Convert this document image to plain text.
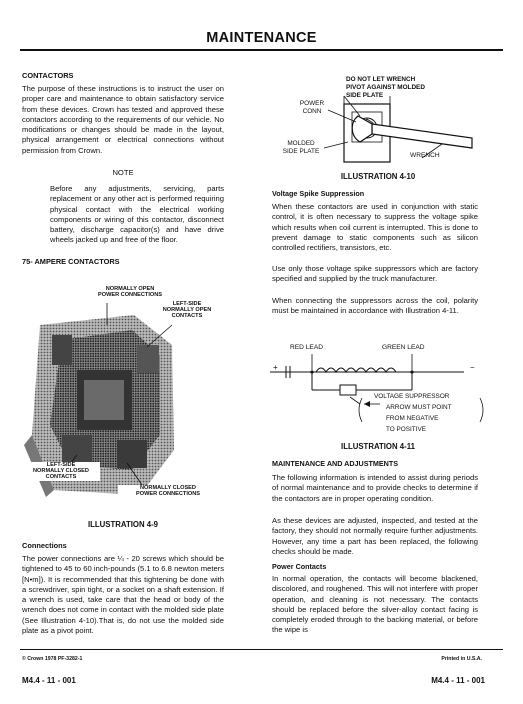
MAINTENANCE
CONTACTORS
The purpose of these instructions is to instruct the user on proper care and maintenance to obtain satisfactory service from these devices. Crown has tested and approved these contactors according to the requirements of our vehicle. No modifications or changes should be made in the layout, physical arrangement or electrical connections without permission from Crown.
NOTE
Before any adjustments, servicing, parts replacement or any other act is performed requiring physical contact with the electrical working components or wiring of this contactor, disconnect battery, discharge capacitor(s) and have drive wheels jacked up and free of the floor.
75- AMPERE CONTACTORS
NORMALLY OPEN
POWER CONNECTIONS
LEFT-SIDE
NORMALLY OPEN
CONTACTS
LEFT-SIDE
NORMALLY CLOSED
CONTACTS
NORMALLY CLOSED
POWER CONNECTIONS
ILLUSTRATION 4-9
Connections
The power connections are ¼ - 20 screws which should be tightened to 45 to 60 inch-pounds (5.1 to 6.8 newton meters [N•m]). It is recommended that this tightening be done with a screwdriver, spin tight, or a socket on a shaft extension. If a wrench is used, take care that the head or body of the wrench does not come in contact with the molded side plate (See Illustration 4-10).That is, do not use the molded side plate as a pivot point.
DO NOT LET WRENCH
PIVOT AGAINST MOLDED
SIDE PLATE
POWER
CONN
MOLDED
SIDE PLATE
WRENCH
ILLUSTRATION 4-10
Voltage Spike Suppression
When these contactors are used in conjunction with static control, it is often necessary to suppress the voltage spike which results when coil current is interrupted. This is done to prevent damage to static components such as silicon controlled rectifiers, transistors, etc.
Use only those voltage spike suppressors which are factory specified and supplied by the truck manufacturer.
When connecting the suppressors across the coil, polarity must be maintained in accordance with Illustration 4-11.
RED LEAD	GREEN LEAD
+	−
VOLTAGE SUPPRESSOR
ARROW MUST POINT
FROM NEGATIVE
TO POSITIVE
ILLUSTRATION 4-11
MAINTENANCE AND ADJUSTMENTS
The following information is intended to assist during periods of normal maintenance and to provide checks to determine if the contactors are in proper operating condition.
As these devices are adjusted, inspected, and tested at the factory, they should not normally require further adjustments. However, any time a part has been replaced, the following checks should be made.
Power Contacts
In normal operation, the contacts will become blackened, discolored, and roughened. This will not interfere with proper operation, and cleaning is not necessary. The contacts should be replaced before the silver-alloy contact facing is completely eroded through to the backing material, or before the wipe is
© Crown 1978 PF-3282-1	Printed in U.S.A.
M4.4 - 11 - 001	M4.4 - 11 - 001
